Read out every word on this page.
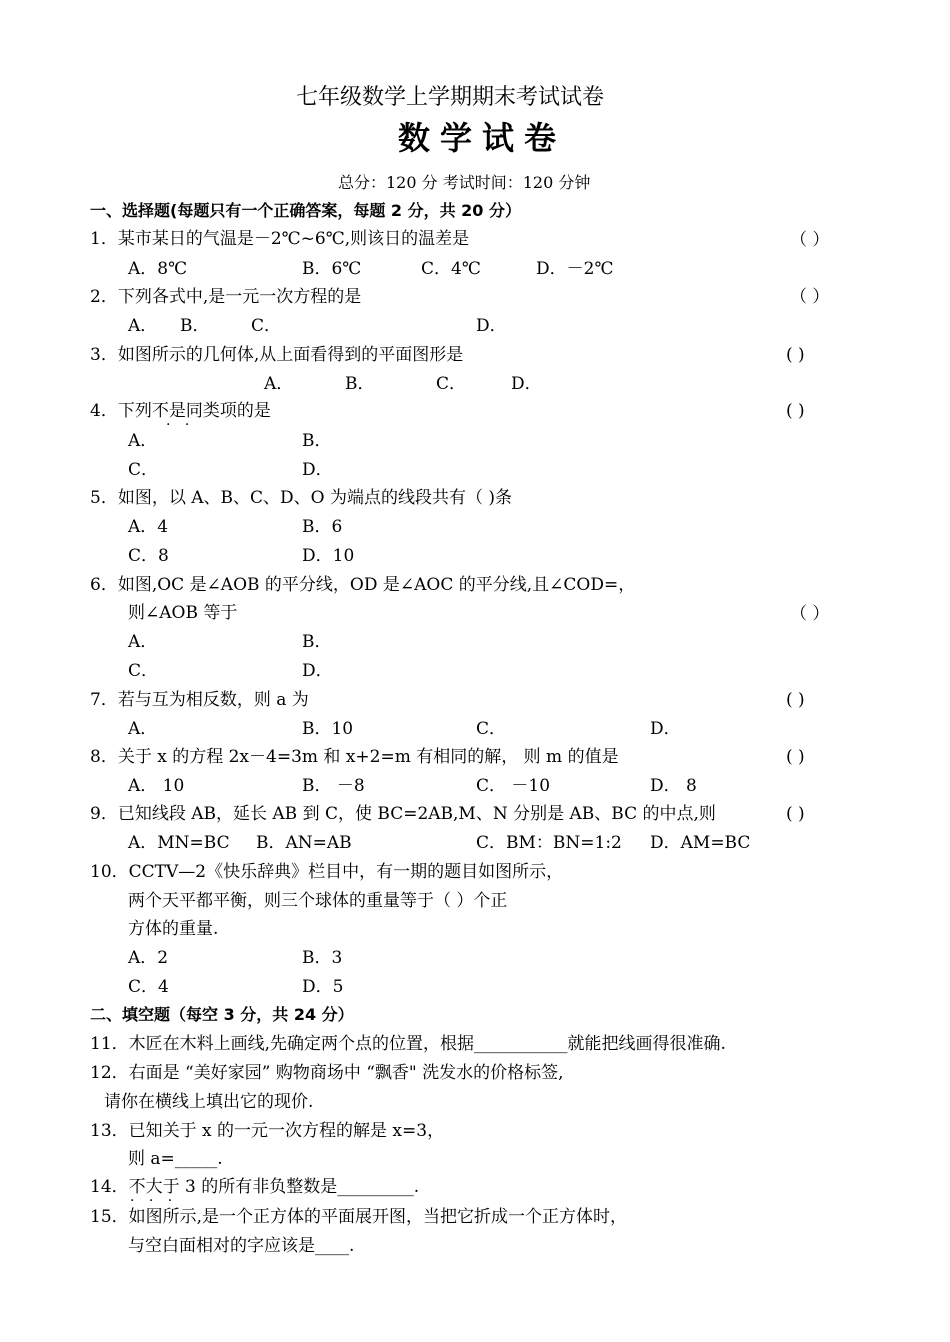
七年级数学上学期期末考试试卷
数学试卷
总分：120 分 考试时间：120 分钟
一、选择题(每题只有一个正确答案，每题 2 分，共 20 分）
1．某市某日的气温是－2℃~6℃,则该日的温差是	（ ）
A．8℃	B．6℃	C．4℃	D．－2℃
2．下列各式中,是一元一次方程的是	（ ）
A． B． C．	D．
3．如图所示的几何体,从上面看得到的平面图形是	( )
A．	B．	C．	D．
4．下列不是同类项的是
· ·
( )
A．	B．
C．	D．
5．如图，以 A、B、C、D、O 为端点的线段共有（ )条
A．4	B．6
C．8	D．10
6．如图,OC 是∠AOB 的平分线，OD 是∠AOC 的平分线,且∠COD=，
则∠AOB 等于	（ ）
A．	B．
C．	D．
7．若与互为相反数，则 a 为	( )
A．	B．10	C．	D．
8．关于 x 的方程 2x－4=3m 和 x+2=m 有相同的解， 则 m 的值是	( )
A． 10	B． －8	C． －10	D． 8
9．已知线段 AB，延长 AB 到 C，使 BC=2AB,M、N 分别是 AB、BC 的中点,则	( )
A．MN=BC B．AN=AB	C．BM：BN=1:2 D．AM=BC
10．CCTV—2《快乐辞典》栏目中，有一期的题目如图所示，
两个天平都平衡，则三个球体的重量等于（ ）个正
方体的重量.
A．2	B．3
C．4	D．5
二、填空题（每空 3 分，共 24 分）
11．木匠在木料上画线,先确定两个点的位置，根据___________就能把线画得很准确.
12．右面是 “美好家园” 购物商场中 “飘香" 洗发水的价格标签,
请你在横线上填出它的现价.
13．已知关于 x 的一元一次方程的解是 x=3，
则 a=_____.
14．不大于 3 的所有非负整数是_________.
· · ·
15．如图所示,是一个正方体的平面展开图，当把它折成一个正方体时，
与空白面相对的字应该是____.
